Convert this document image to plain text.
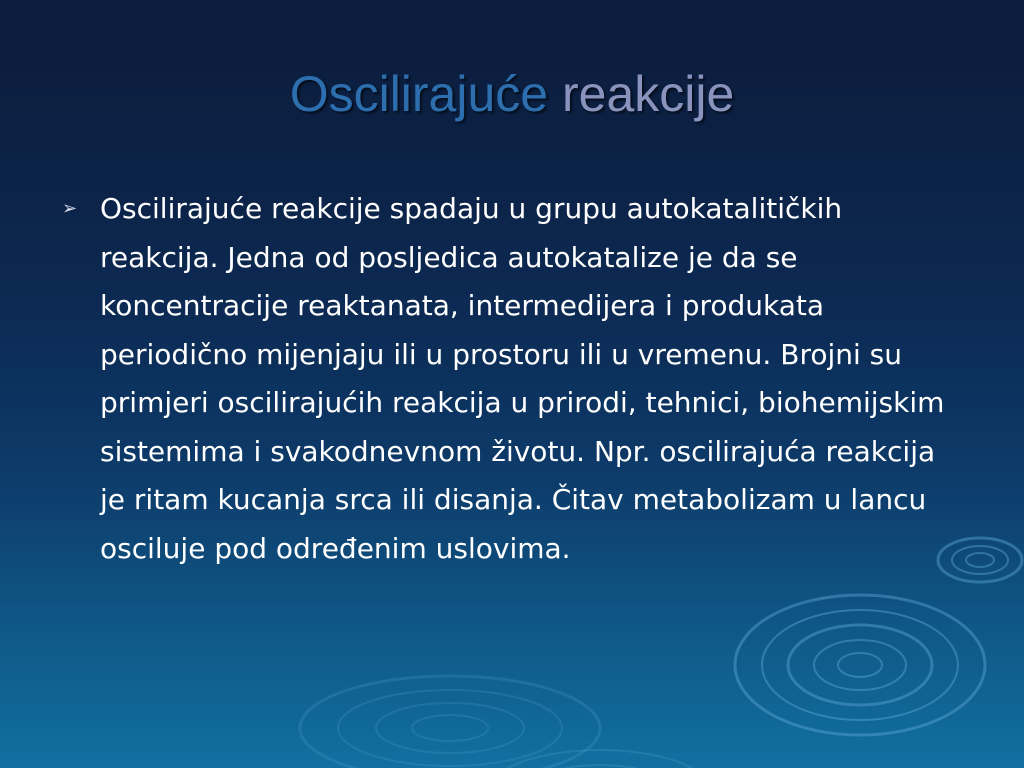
Oscilirajuće reakcije
➢ Oscilirajuće reakcije spadaju u grupu autokatalitičkih reakcija. Jedna od posljedica autokatalize je da se koncentracije reaktanata, intermedijera i produkata periodično mijenjaju ili u prostoru ili u vremenu. Brojni su primjeri oscilirajućih reakcija u prirodi, tehnici, biohemijskim sistemima i svakodnevnom životu. Npr. oscilirajuća reakcija je ritam kucanja srca ili disanja. Čitav metabolizam u lancu osciluje pod određenim uslovima.
